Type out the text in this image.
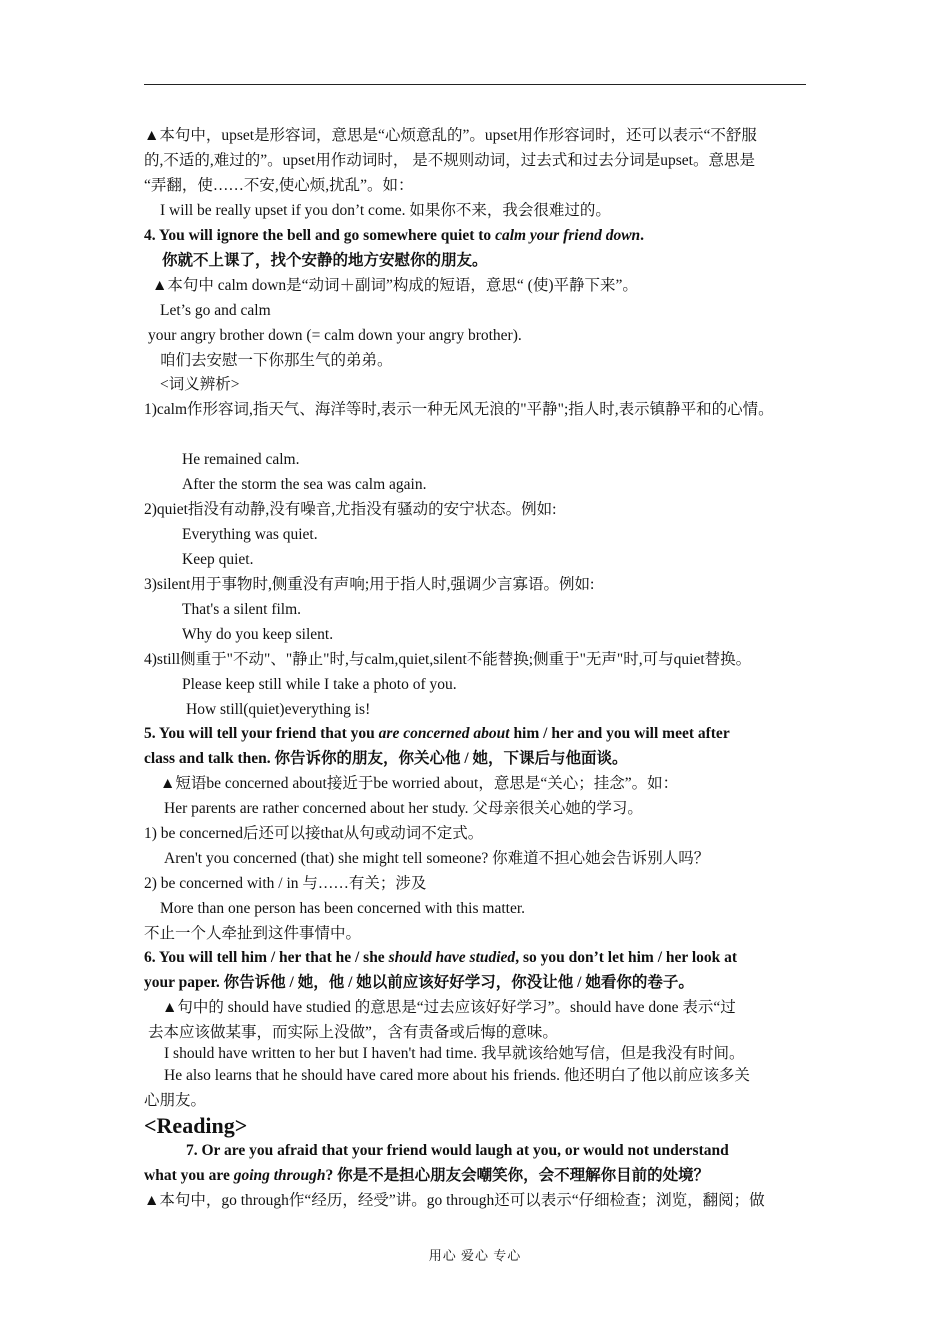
▲本句中，upset是形容词，意思是“心烦意乱的”。upset用作形容词时，还可以表示“不舒服
的,不适的,难过的”。upset用作动词时， 是不规则动词，过去式和过去分词是upset。意思是
“弄翻，使……不安,使心烦,扰乱”。如：
I will be really upset if you don’t come. 如果你不来，我会很难过的。
4. You will ignore the bell and go somewhere quiet to calm your friend down.
你就不上课了，找个安静的地方安慰你的朋友。
▲本句中 calm down是“动词＋副词”构成的短语，意思“ (使)平静下来”。
Let’s go and calm
your angry brother down (= calm down your angry brother).
咱们去安慰一下你那生气的弟弟。
<词义辨析>
1)calm作形容词,指天气、海洋等时,表示一种无风无浪的"平静";指人时,表示镇静平和的心情。
He remained calm.
After the storm the sea was calm again.
2)quiet指没有动静,没有噪音,尤指没有骚动的安宁状态。例如:
Everything was quiet.
Keep quiet.
3)silent用于事物时,侧重没有声响;用于指人时,强调少言寡语。例如:
That's a silent film.
Why do you keep silent.
4)still侧重于"不动"、"静止"时,与calm,quiet,silent不能替换;侧重于"无声"时,可与quiet替换。
Please keep still while I take a photo of you.
How still(quiet)everything is!
5. You will tell your friend that you are concerned about him / her and you will meet after
class and talk then. 你告诉你的朋友，你关心他 / 她，下课后与他面谈。
▲短语be concerned about接近于be worried about，意思是“关心；挂念”。如：
Her parents are rather concerned about her study. 父母亲很关心她的学习。
1) be concerned后还可以接that从句或动词不定式。
Aren't you concerned (that) she might tell someone? 你难道不担心她会告诉别人吗？
2) be concerned with / in 与……有关；涉及
More than one person has been concerned with this matter.
不止一个人牵扯到这件事情中。
6. You will tell him / her that he / she should have studied, so you don’t let him / her look at
your paper. 你告诉他 / 她，他 / 她以前应该好好学习，你没让他 / 她看你的卷子。
▲句中的 should have studied 的意思是“过去应该好好学习”。should have done 表示“过
去本应该做某事，而实际上没做”，含有责备或后悔的意味。
I should have written to her but I haven't had time. 我早就该给她写信，但是我没有时间。
He also learns that he should have cared more about his friends. 他还明白了他以前应该多关
心朋友。
<Reading>
7. Or are you afraid that your friend would laugh at you, or would not understand
what you are going through? 你是不是担心朋友会嘲笑你，会不理解你目前的处境？
▲本句中，go through作“经历，经受”讲。go through还可以表示“仔细检查；浏览，翻阅；做
用心 爱心 专心
